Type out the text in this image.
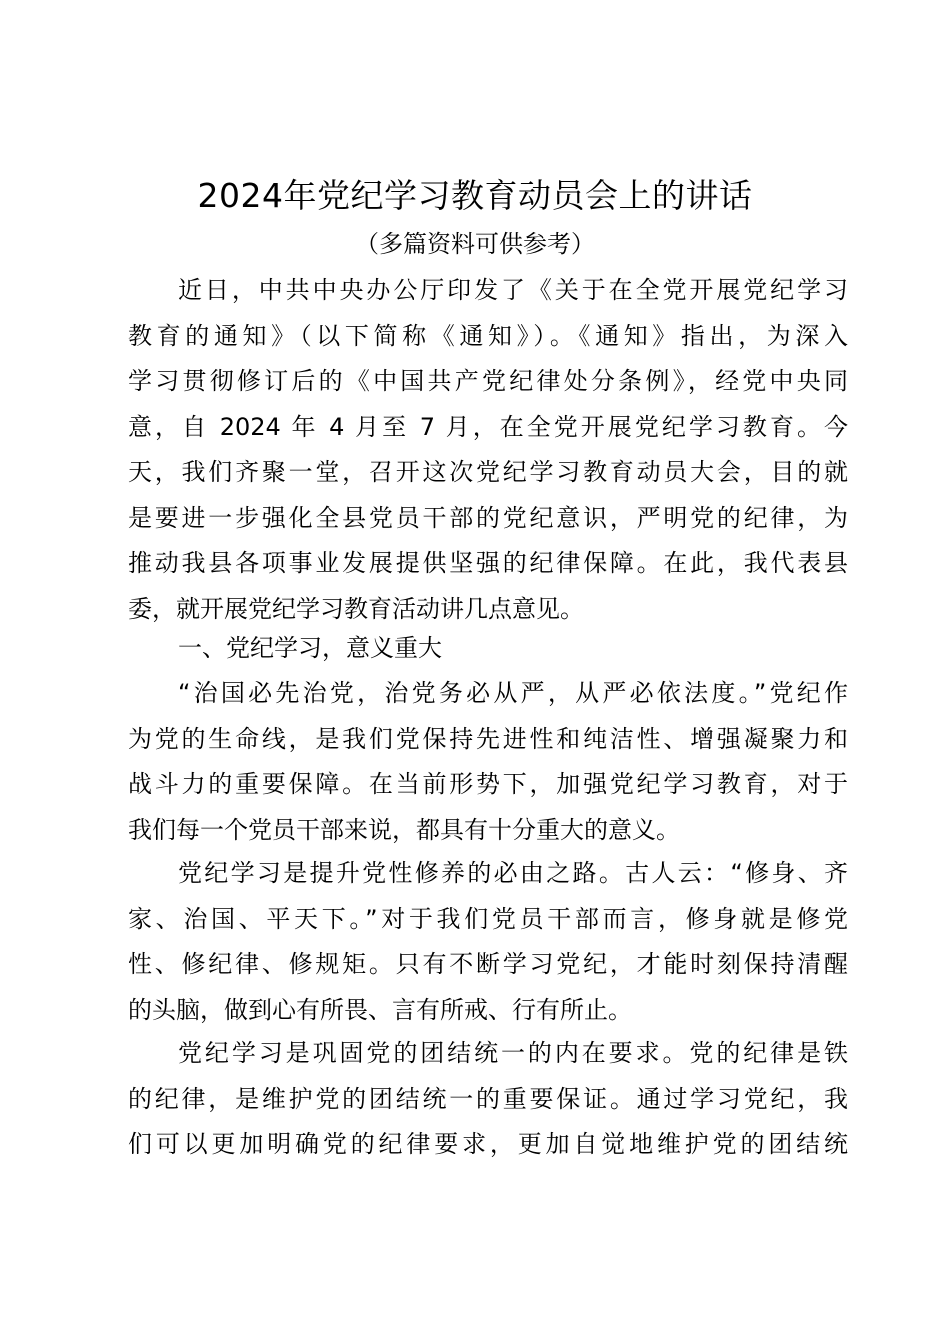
2024年党纪学习教育动员会上的讲话
（多篇资料可供参考）
近日，中共中央办公厅印发了《关于在全党开展党纪学习
教育的通知》（以下简称《通知》）。《通知》指出，为深入
学习贯彻修订后的《中国共产党纪律处分条例》，经党中央同
意，自 2024 年 4 月至 7 月，在全党开展党纪学习教育。今
天，我们齐聚一堂，召开这次党纪学习教育动员大会，目的就
是要进一步强化全县党员干部的党纪意识，严明党的纪律，为
推动我县各项事业发展提供坚强的纪律保障。在此，我代表县
委，就开展党纪学习教育活动讲几点意见。
一、党纪学习，意义重大
“治国必先治党，治党务必从严，从严必依法度。”党纪作
为党的生命线，是我们党保持先进性和纯洁性、增强凝聚力和
战斗力的重要保障。在当前形势下，加强党纪学习教育，对于
我们每一个党员干部来说，都具有十分重大的意义。
党纪学习是提升党性修养的必由之路。古人云：“修身、齐
家、治国、平天下。”对于我们党员干部而言，修身就是修党
性、修纪律、修规矩。只有不断学习党纪，才能时刻保持清醒
的头脑，做到心有所畏、言有所戒、行有所止。
党纪学习是巩固党的团结统一的内在要求。党的纪律是铁
的纪律，是维护党的团结统一的重要保证。通过学习党纪，我
们可以更加明确党的纪律要求，更加自觉地维护党的团结统
